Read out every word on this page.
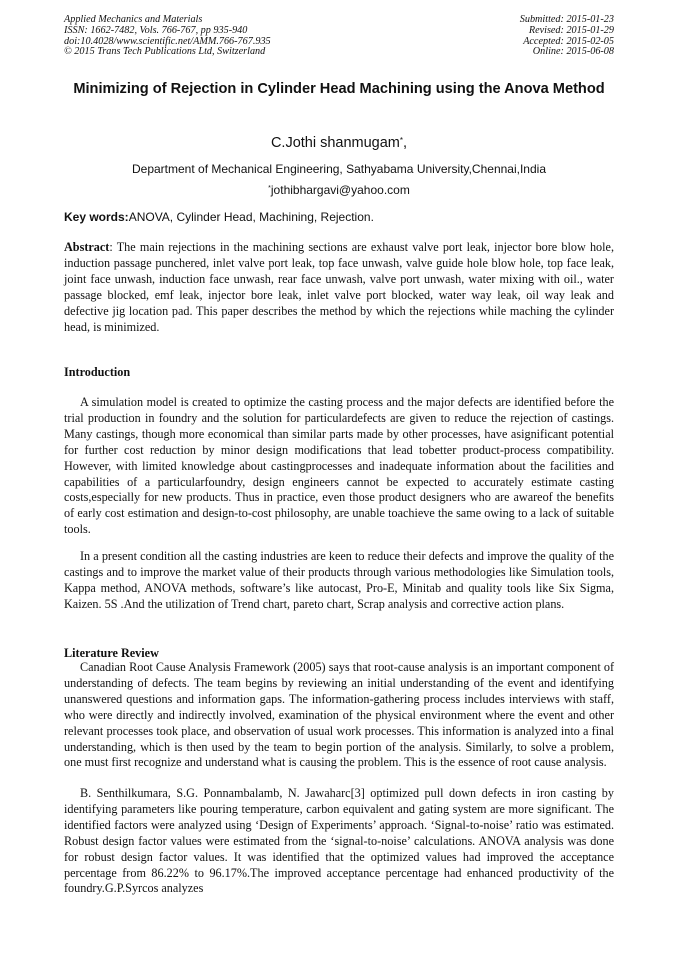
Applied Mechanics and Materials
ISSN: 1662-7482, Vols. 766-767, pp 935-940
doi:10.4028/www.scientific.net/AMM.766-767.935
© 2015 Trans Tech Publications Ltd, Switzerland
Submitted: 2015-01-23
Revised: 2015-01-29
Accepted: 2015-02-05
Online: 2015-06-08
Minimizing of Rejection in Cylinder Head Machining using the Anova Method
C.Jothi shanmugam*,
Department of Mechanical Engineering, Sathyabama University,Chennai,India
*jothibhargavi@yahoo.com
Key words:ANOVA, Cylinder Head, Machining, Rejection.
Abstract: The main rejections in the machining sections are exhaust valve port leak, injector bore blow hole, induction passage punchered, inlet valve port leak, top face unwash, valve guide hole blow hole, top face leak, joint face unwash, induction face unwash, rear face unwash, valve port unwash, water mixing with oil., water passage blocked, emf leak, injector bore leak, inlet valve port blocked, water way leak, oil way leak and defective jig location pad. This paper describes the method by which the rejections while maching the cylinder head, is minimized.
Introduction
A simulation model is created to optimize the casting process and the major defects are identified before the trial production in foundry and the solution for particulardefects are given to reduce the rejection of castings. Many castings, though more economical than similar parts made by other processes, have asignificant potential for further cost reduction by minor design modifications that lead tobetter product-process compatibility. However, with limited knowledge about castingprocesses and inadequate information about the facilities and capabilities of a particularfoundry, design engineers cannot be expected to accurately estimate casting costs,especially for new products. Thus in practice, even those product designers who are awareof the benefits of early cost estimation and design-to-cost philosophy, are unable toachieve the same owing to a lack of suitable tools.
In a present condition all the casting industries are keen to reduce their defects and improve the quality of the castings and to improve the market value of their products through various methodologies like Simulation tools, Kappa method, ANOVA methods, software’s like autocast, Pro-E, Minitab and quality tools like Six Sigma, Kaizen. 5S .And the utilization of Trend chart, pareto chart, Scrap analysis and corrective action plans.
Literature Review
Canadian Root Cause Analysis Framework (2005) says that root-cause analysis is an important component of understanding of defects. The team begins by reviewing an initial understanding of the event and identifying unanswered questions and information gaps. The information-gathering process includes interviews with staff, who were directly and indirectly involved, examination of the physical environment where the event and other relevant processes took place, and observation of usual work processes. This information is analyzed into a final understanding, which is then used by the team to begin portion of the analysis. Similarly, to solve a problem, one must first recognize and understand what is causing the problem. This is the essence of root cause analysis.
B. Senthilkumara, S.G. Ponnambalamb, N. Jawaharc[3] optimized pull down defects in iron casting by identifying parameters like pouring temperature, carbon equivalent and gating system are more significant. The identified factors were analyzed using ‘Design of Experiments’ approach. ‘Signal-to-noise’ ratio was estimated. Robust design factor values were estimated from the ‘signal-to-noise’ calculations. ANOVA analysis was done for robust design factor values. It was identified that the optimized values had improved the acceptance percentage from 86.22% to 96.17%.The improved acceptance percentage had enhanced productivity of the foundry.G.P.Syrcos analyzes
